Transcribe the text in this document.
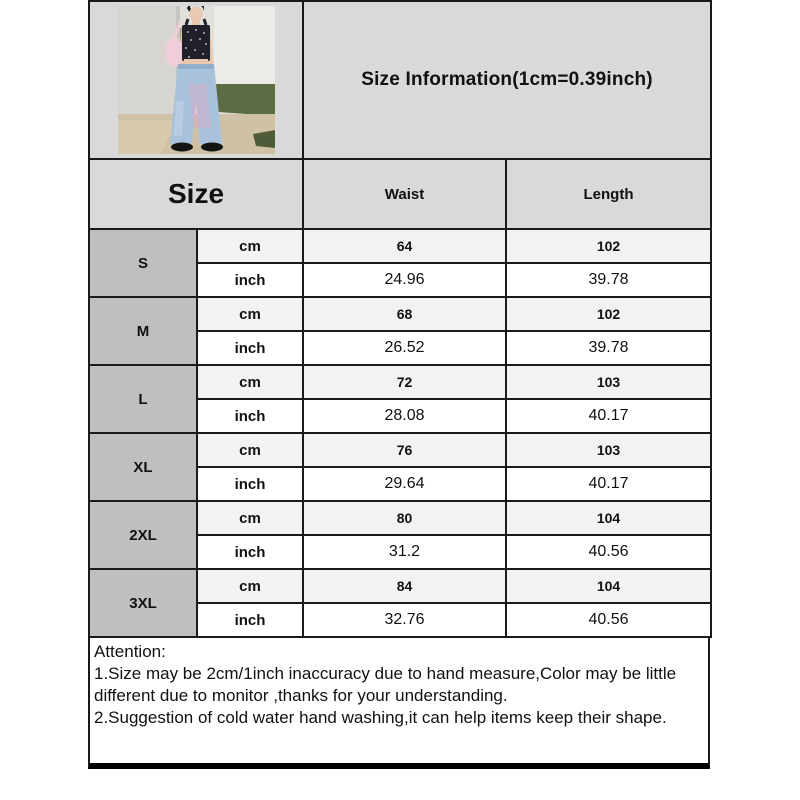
	Size Information(1cm=0.39inch)	
Size		Waist	Length
S	cm	64	102
	inch	24.96	39.78
M	cm	68	102
	inch	26.52	39.78
L	cm	72	103
	inch	28.08	40.17
XL	cm	76	103
	inch	29.64	40.17
2XL	cm	80	104
	inch	31.2	40.56
3XL	cm	84	104
	inch	32.76	40.56
Attention:
1.Size may be 2cm/1inch inaccuracy due to hand measure,Color may be little different due to monitor ,thanks for your understanding.
2.Suggestion of cold water hand washing,it can help items keep their shape.
